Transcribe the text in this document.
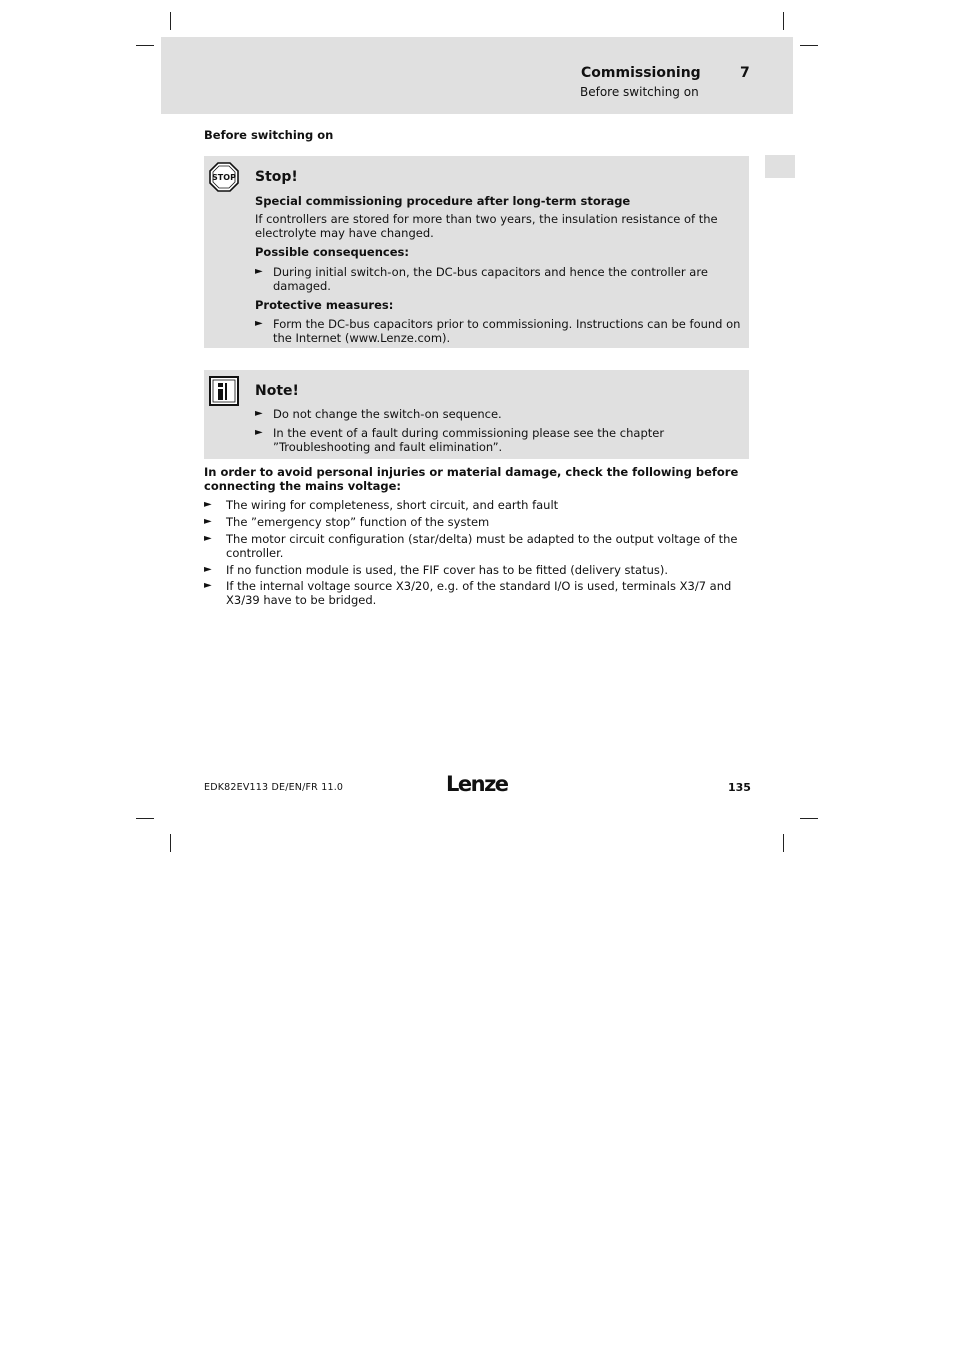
Commissioning	7
Before switching on
Before switching on
STOP Stop!
Special commissioning procedure after long-term storage
If controllers are stored for more than two years, the insulation resistance of the electrolyte may have changed.
Possible consequences:
► During initial switch-on, the DC-bus capacitors and hence the controller are damaged.
Protective measures:
► Form the DC-bus capacitors prior to commissioning. Instructions can be found on the Internet (www.Lenze.com).
Note!
► Do not change the switch-on sequence.
► In the event of a fault during commissioning please see the chapter ”Troubleshooting and fault elimination”.
In order to avoid personal injuries or material damage, check the following before connecting the mains voltage:
► The wiring for completeness, short circuit, and earth fault
► The ”emergency stop” function of the system
► The motor circuit configuration (star/delta) must be adapted to the output voltage of the controller.
► If no function module is used, the FIF cover has to be fitted (delivery status).
► If the internal voltage source X3/20, e.g. of the standard I/O is used, terminals X3/7 and X3/39 have to be bridged.
EDK82EV113 DE/EN/FR 11.0	Lenze	135
